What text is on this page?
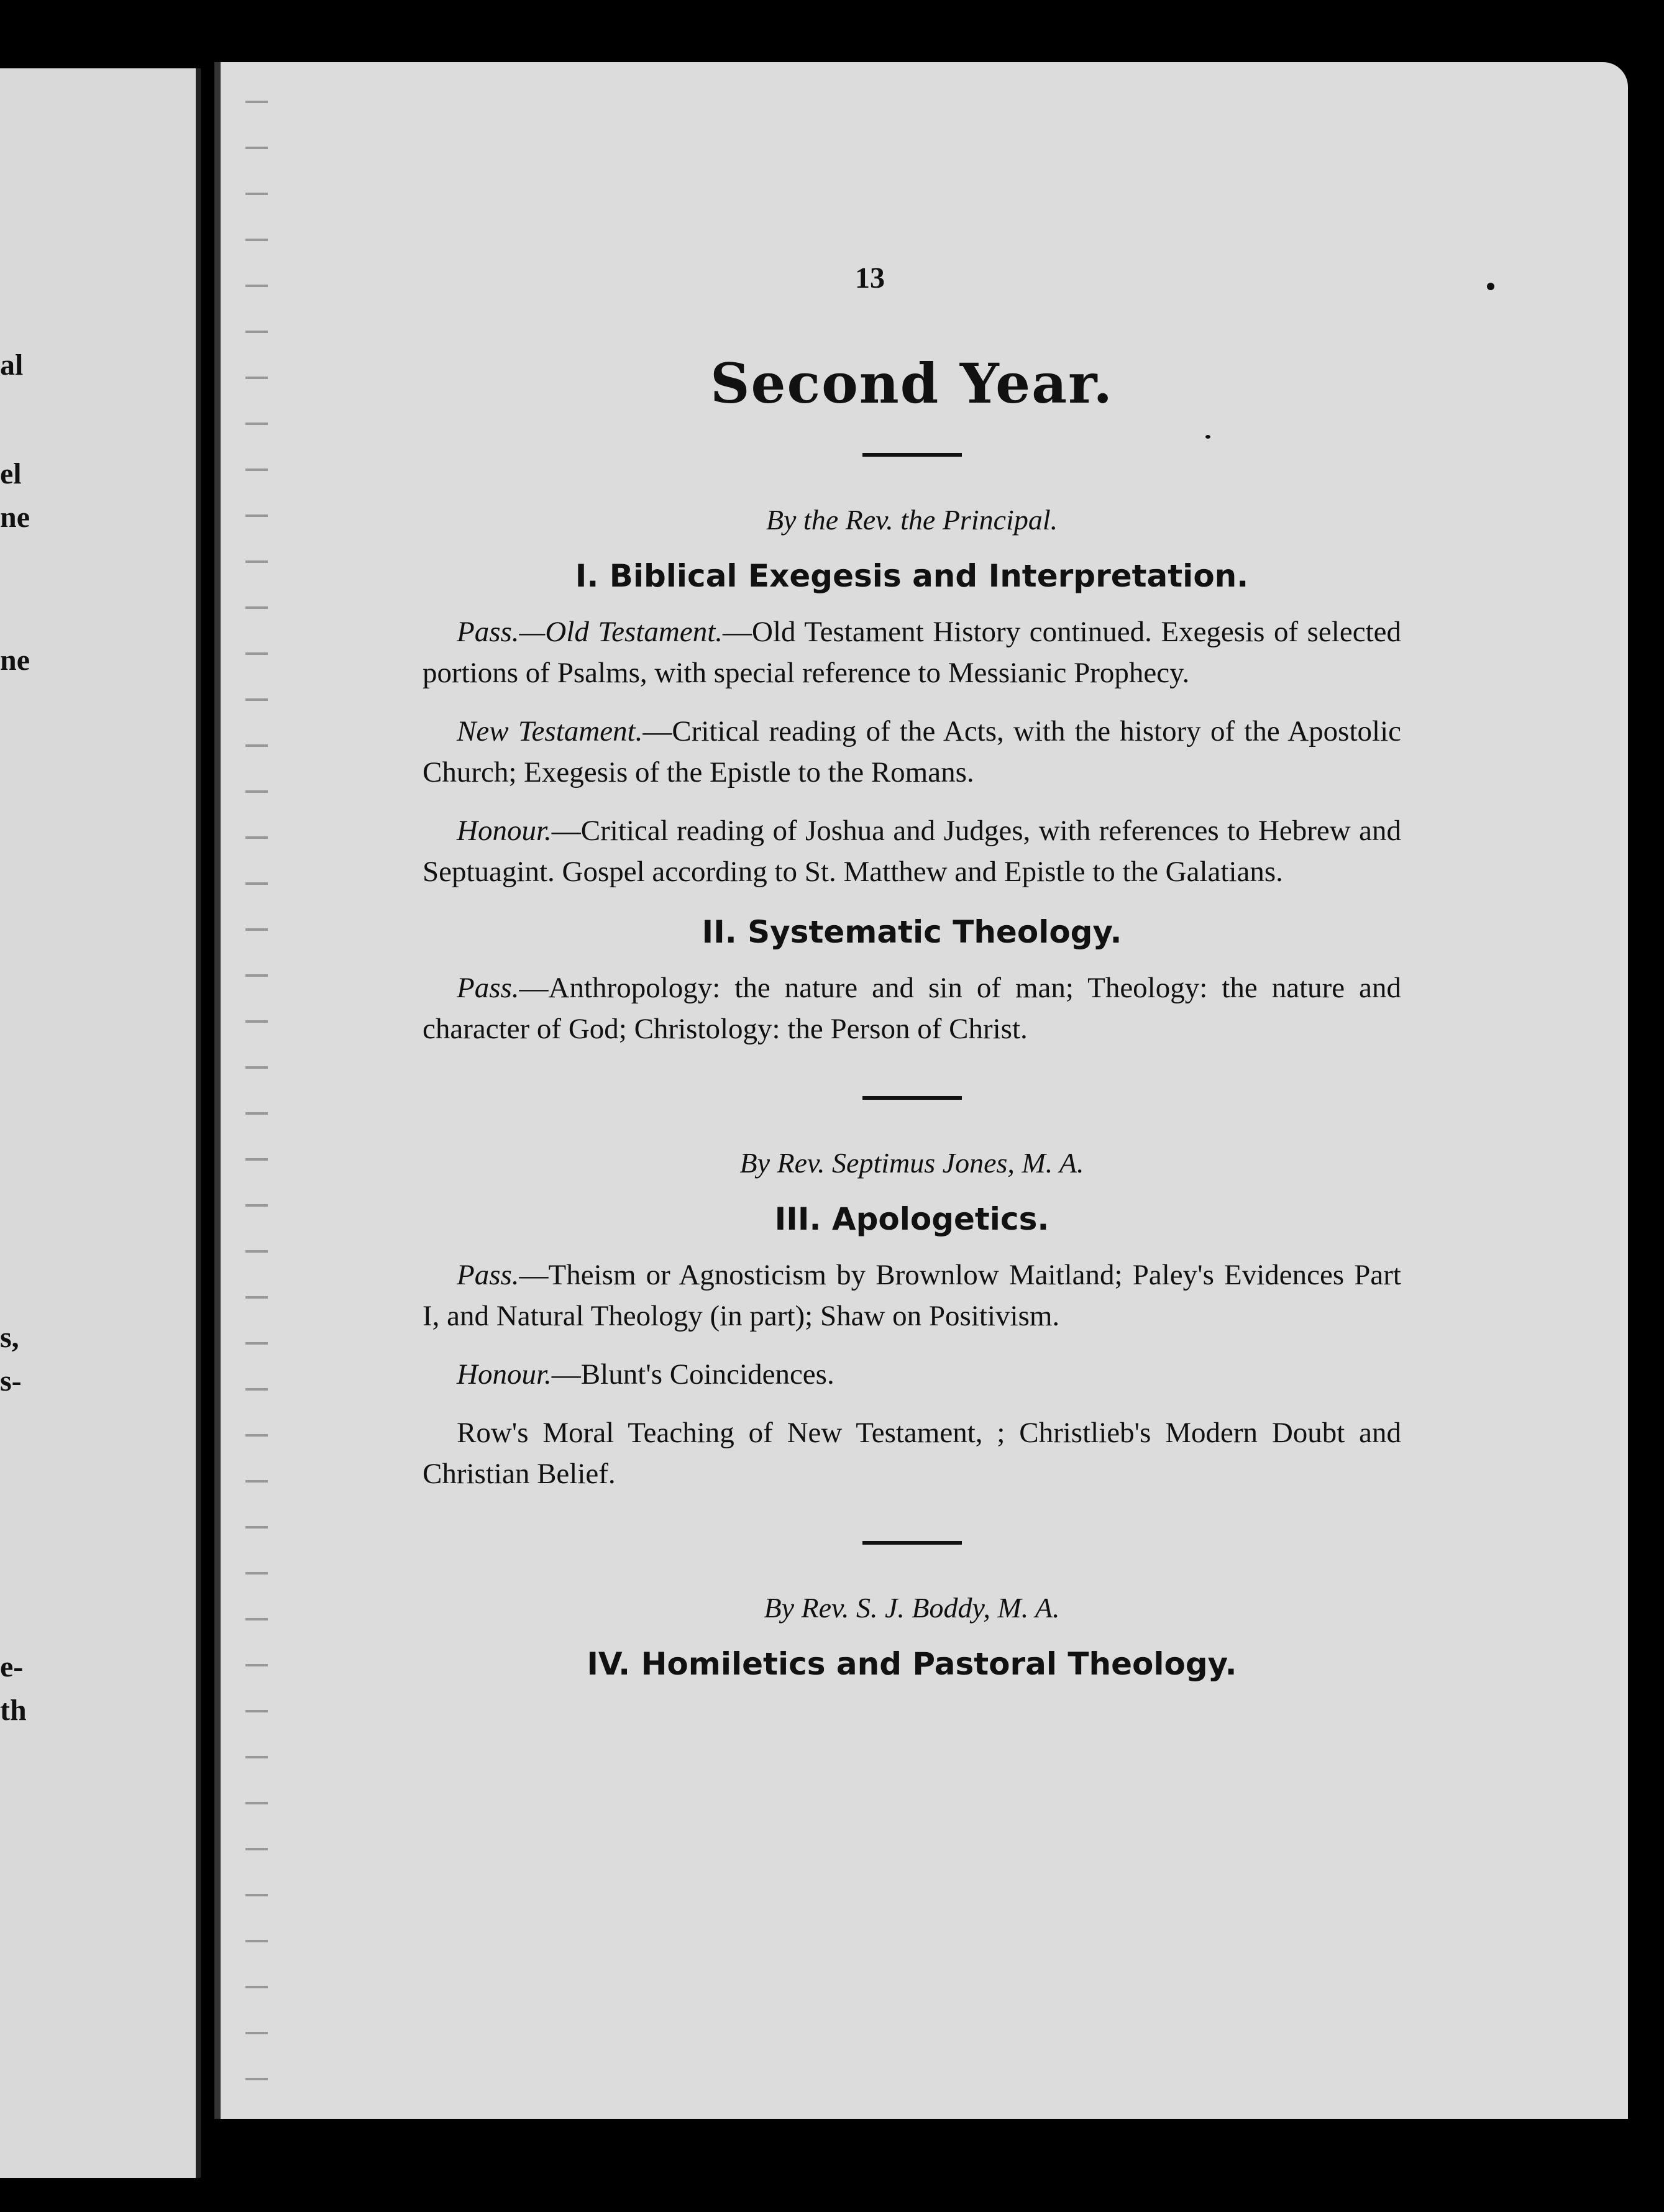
al
el
ne
ne
s,
s-
e-
th
13
Second Year.
By the Rev. the Principal.
I. Biblical Exegesis and Interpretation.
Pass.—Old Testament.—Old Testament History continued. Exegesis of selected portions of Psalms, with special reference to Messianic Prophecy.
New Testament.—Critical reading of the Acts, with the history of the Apostolic Church; Exegesis of the Epistle to the Romans.
Honour.—Critical reading of Joshua and Judges, with references to Hebrew and Septuagint. Gospel according to St. Matthew and Epistle to the Galatians.
II. Systematic Theology.
Pass.—Anthropology: the nature and sin of man; Theology: the nature and character of God; Christology: the Person of Christ.
By Rev. Septimus Jones, M. A.
III. Apologetics.
Pass.—Theism or Agnosticism by Brownlow Maitland; Paley's Evidences Part I, and Natural Theology (in part); Shaw on Positivism.
Honour.—Blunt's Coincidences.
Row's Moral Teaching of New Testament, ; Christlieb's Modern Doubt and Christian Belief.
By Rev. S. J. Boddy, M. A.
IV. Homiletics and Pastoral Theology.
